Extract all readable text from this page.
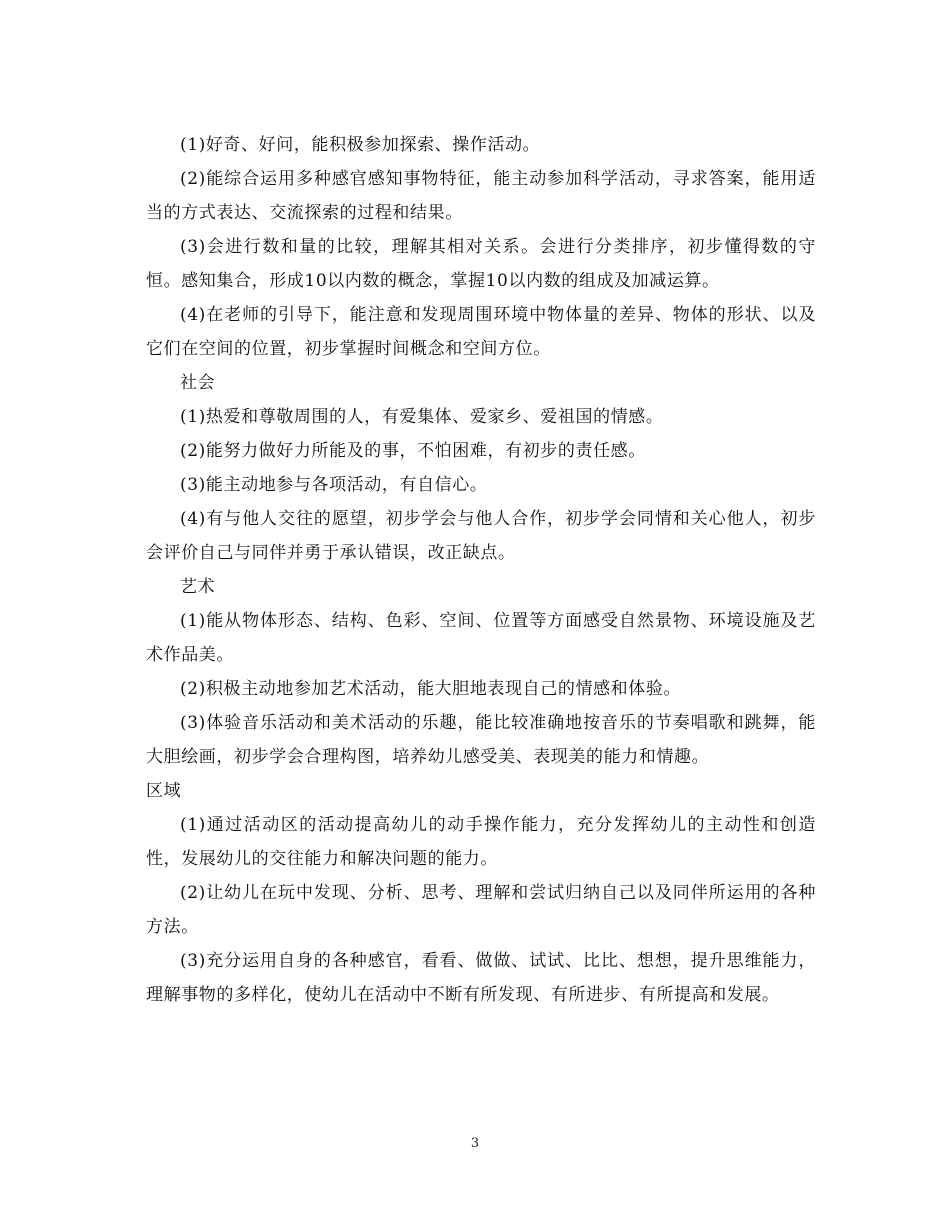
(1)好奇、好问，能积极参加探索、操作活动。

(2)能综合运用多种感官感知事物特征，能主动参加科学活动，寻求答案，能用适当的方式表达、交流探索的过程和结果。

(3)会进行数和量的比较，理解其相对关系。会进行分类排序，初步懂得数的守恒。感知集合，形成10以内数的概念，掌握10以内数的组成及加减运算。

(4)在老师的引导下，能注意和发现周围环境中物体量的差异、物体的形状、以及它们在空间的位置，初步掌握时间概念和空间方位。

社会

(1)热爱和尊敬周围的人，有爱集体、爱家乡、爱祖国的情感。

(2)能努力做好力所能及的事，不怕困难，有初步的责任感。

(3)能主动地参与各项活动，有自信心。

(4)有与他人交往的愿望，初步学会与他人合作，初步学会同情和关心他人，初步会评价自己与同伴并勇于承认错误，改正缺点。

艺术

(1)能从物体形态、结构、色彩、空间、位置等方面感受自然景物、环境设施及艺术作品美。

(2)积极主动地参加艺术活动，能大胆地表现自己的情感和体验。

(3)体验音乐活动和美术活动的乐趣，能比较准确地按音乐的节奏唱歌和跳舞，能大胆绘画，初步学会合理构图，培养幼儿感受美、表现美的能力和情趣。

区域

(1)通过活动区的活动提高幼儿的动手操作能力，充分发挥幼儿的主动性和创造性，发展幼儿的交往能力和解决问题的能力。

(2)让幼儿在玩中发现、分析、思考、理解和尝试归纳自己以及同伴所运用的各种方法。

(3)充分运用自身的各种感官，看看、做做、试试、比比、想想，提升思维能力，理解事物的多样化，使幼儿在活动中不断有所发现、有所进步、有所提高和发展。

3
